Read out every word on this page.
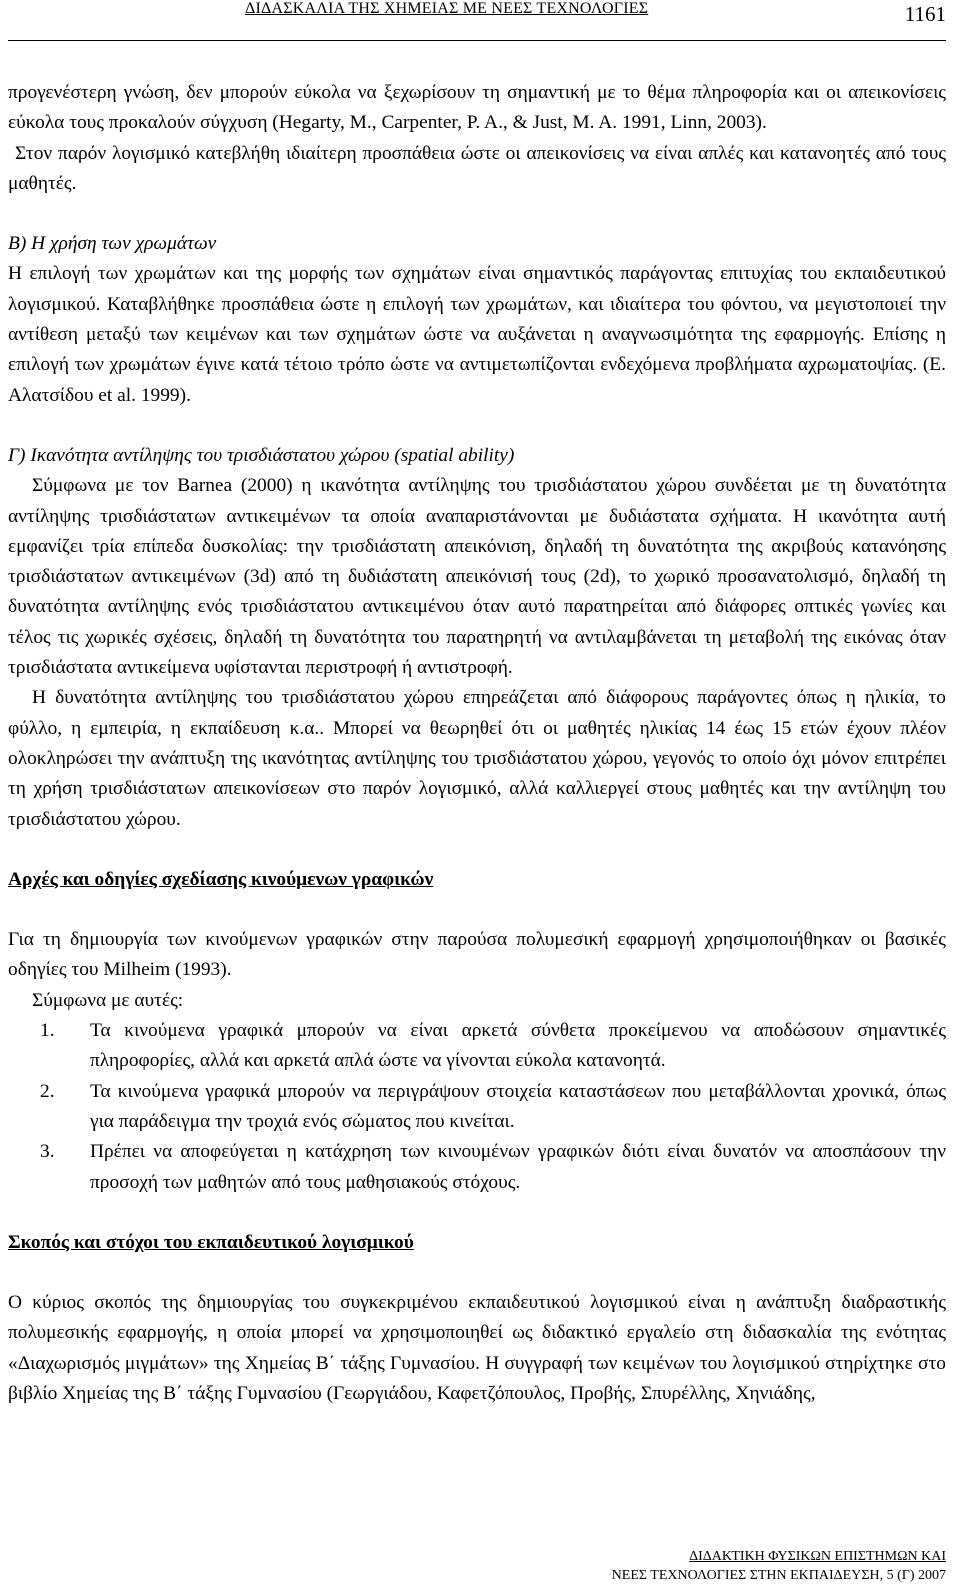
ΔΙΔΑΣΚΑΛΙΑ ΤΗΣ ΧΗΜΕΙΑΣ ΜΕ ΝΕΕΣ ΤΕΧΝΟΛΟΓΙΕΣ	1161

προγενέστερη γνώση, δεν μπορούν εύκολα να ξεχωρίσουν τη σημαντική με το θέμα πληροφορία και οι απεικονίσεις εύκολα τους προκαλούν σύγχυση (Hegarty, M., Carpenter, P. A., & Just, M. A. 1991, Linn, 2003).

Στον παρόν λογισμικό κατεβλήθη ιδιαίτερη προσπάθεια ώστε οι απεικονίσεις να είναι απλές και κατανοητές από τους μαθητές.

Β) Η χρήση των χρωμάτων

Η επιλογή των χρωμάτων και της μορφής των σχημάτων είναι σημαντικός παράγοντας επιτυχίας του εκπαιδευτικού λογισμικού. Καταβλήθηκε προσπάθεια ώστε η επιλογή των χρωμάτων, και ιδιαίτερα του φόντου, να μεγιστοποιεί την αντίθεση μεταξύ των κειμένων και των σχημάτων ώστε να αυξάνεται η αναγνωσιμότητα της εφαρμογής. Επίσης η επιλογή των χρωμάτων έγινε κατά τέτοιο τρόπο ώστε να αντιμετωπίζονται ενδεχόμενα προβλήματα αχρωματοψίας. (Ε. Αλατσίδου et al. 1999).

Γ) Ικανότητα αντίληψης του τρισδιάστατου χώρου (spatial ability)

Σύμφωνα με τον Barnea (2000) η ικανότητα αντίληψης του τρισδιάστατου χώρου συνδέεται με τη δυνατότητα αντίληψης τρισδιάστατων αντικειμένων τα οποία αναπαριστάνονται με δυδιάστατα σχήματα. Η ικανότητα αυτή εμφανίζει τρία επίπεδα δυσκολίας: την τρισδιάστατη απεικόνιση, δηλαδή τη δυνατότητα της ακριβούς κατανόησης τρισδιάστατων αντικειμένων (3d) από τη δυδιάστατη απεικόνισή τους (2d), το χωρικό προσανατολισμό, δηλαδή τη δυνατότητα αντίληψης ενός τρισδιάστατου αντικειμένου όταν αυτό παρατηρείται από διάφορες οπτικές γωνίες και τέλος τις χωρικές σχέσεις, δηλαδή τη δυνατότητα του παρατηρητή να αντιλαμβάνεται τη μεταβολή της εικόνας όταν τρισδιάστατα αντικείμενα υφίστανται περιστροφή ή αντιστροφή.

Η δυνατότητα αντίληψης του τρισδιάστατου χώρου επηρεάζεται από διάφορους παράγοντες όπως η ηλικία, το φύλλο, η εμπειρία, η εκπαίδευση κ.α.. Μπορεί να θεωρηθεί ότι οι μαθητές ηλικίας 14 έως 15 ετών έχουν πλέον ολοκληρώσει την ανάπτυξη της ικανότητας αντίληψης του τρισδιάστατου χώρου, γεγονός το οποίο όχι μόνον επιτρέπει τη χρήση τρισδιάστατων απεικονίσεων στο παρόν λογισμικό, αλλά καλλιεργεί στους μαθητές και την αντίληψη του τρισδιάστατου χώρου.

Αρχές και οδηγίες σχεδίασης κινούμενων γραφικών

Για τη δημιουργία των κινούμενων γραφικών στην παρούσα πολυμεσική εφαρμογή χρησιμοποιήθηκαν οι βασικές οδηγίες του Milheim (1993).

Σύμφωνα με αυτές:

1. Τα κινούμενα γραφικά μπορούν να είναι αρκετά σύνθετα προκείμενου να αποδώσουν σημαντικές πληροφορίες, αλλά και αρκετά απλά ώστε να γίνονται εύκολα κατανοητά.
2. Τα κινούμενα γραφικά μπορούν να περιγράψουν στοιχεία καταστάσεων που μεταβάλλονται χρονικά, όπως για παράδειγμα την τροχιά ενός σώματος που κινείται.
3. Πρέπει να αποφεύγεται η κατάχρηση των κινουμένων γραφικών διότι είναι δυνατόν να αποσπάσουν την προσοχή των μαθητών από τους μαθησιακούς στόχους.

Σκοπός και στόχοι του εκπαιδευτικού λογισμικού

Ο κύριος σκοπός της δημιουργίας του συγκεκριμένου εκπαιδευτικού λογισμικού είναι η ανάπτυξη διαδραστικής πολυμεσικής εφαρμογής, η οποία μπορεί να χρησιμοποιηθεί ως διδακτικό εργαλείο στη διδασκαλία της ενότητας «Διαχωρισμός μιγμάτων» της Χημείας Β΄ τάξης Γυμνασίου. Η συγγραφή των κειμένων του λογισμικού στηρίχτηκε στο βιβλίο Χημείας της Β΄ τάξης Γυμνασίου (Γεωργιάδου, Καφετζόπουλος, Προβής, Σπυρέλλης, Χηνιάδης,

ΔΙΔΑΚΤΙΚΗ ΦΥΣΙΚΩΝ ΕΠΙΣΤΗΜΩΝ ΚΑΙ
ΝΕΕΣ ΤΕΧΝΟΛΟΓΙΕΣ ΣΤΗΝ ΕΚΠΑΙΔΕΥΣΗ, 5 (Γ) 2007
